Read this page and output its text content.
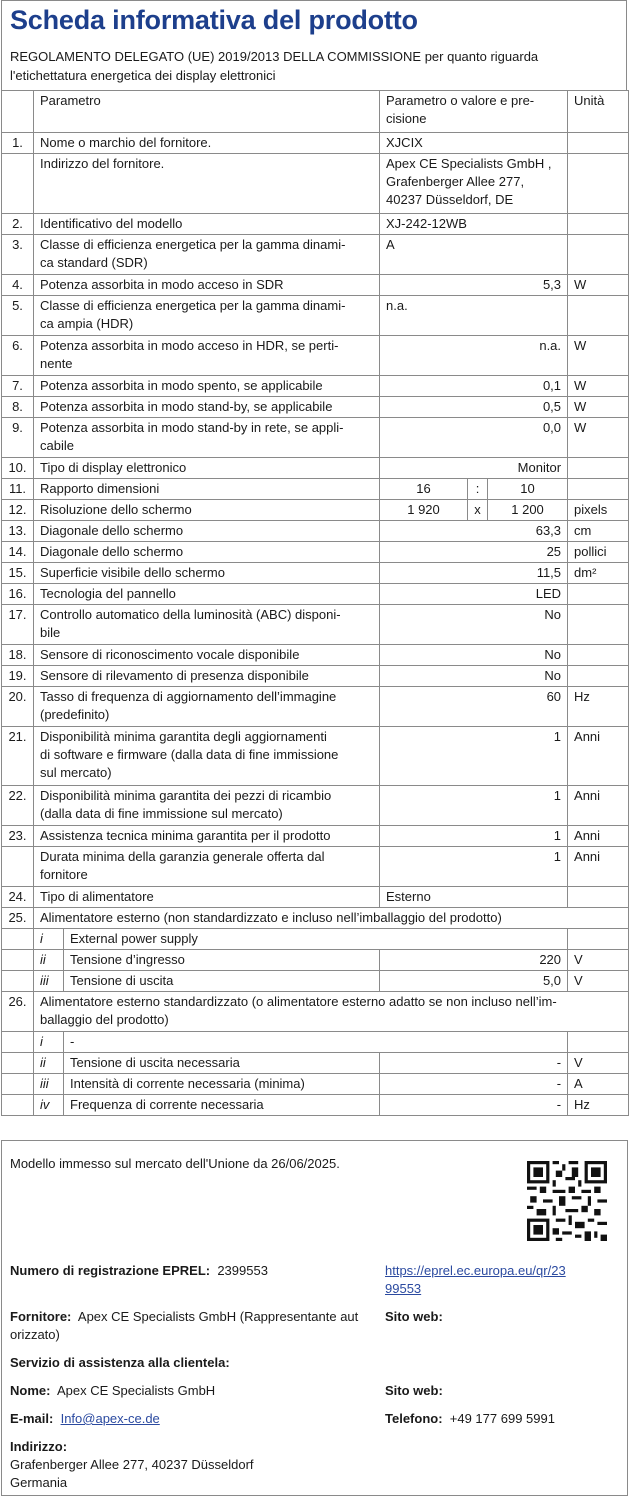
Scheda informativa del prodotto
REGOLAMENTO DELEGATO (UE) 2019/2013 DELLA COMMISSIONE per quanto riguarda l'etichettatura energetica dei display elettronici
	Parametro		Parametro o valore e pre-
cisione			Unità
1.	Nome o marchio del fornitore.		XJCIX			
	Indirizzo del fornitore.		Apex CE Specialists GmbH ,
Grafenberger Allee 277,
40237 Düsseldorf, DE			
2.	Identificativo del modello		XJ-242-12WB			
3.	Classe di efficienza energetica per la gamma dinami-
ca standard (SDR)		A			
4.	Potenza assorbita in modo acceso in SDR		5,3			W
5.	Classe di efficienza energetica per la gamma dinami-
ca ampia (HDR)		n.a.			
6.	Potenza assorbita in modo acceso in HDR, se perti-
nente		n.a.			W
7.	Potenza assorbita in modo spento, se applicabile		0,1			W
8.	Potenza assorbita in modo stand-by, se applicabile		0,5			W
9.	Potenza assorbita in modo stand-by in rete, se appli-
cabile		0,0			W
10.	Tipo di display elettronico		Monitor			
11.	Rapporto dimensioni		16	:	10	
12.	Risoluzione dello schermo		1 920	x	1 200	pixels
13.	Diagonale dello schermo		63,3			cm
14.	Diagonale dello schermo		25			pollici
15.	Superficie visibile dello schermo		11,5			dm²
16.	Tecnologia del pannello		LED			
17.	Controllo automatico della luminosità (ABC) disponi-
bile		No			
18.	Sensore di riconoscimento vocale disponibile		No			
19.	Sensore di rilevamento di presenza disponibile		No			
20.	Tasso di frequenza di aggiornamento dell’immagine
(predefinito)		60			Hz
21.	Disponibilità minima garantita degli aggiornamenti
di software e firmware (dalla data di fine immissione
sul mercato)		1			Anni
22.	Disponibilità minima garantita dei pezzi di ricambio
(dalla data di fine immissione sul mercato)		1			Anni
23.	Assistenza tecnica minima garantita per il prodotto		1			Anni
	Durata minima della garanzia generale offerta dal
fornitore		1			Anni
24.	Tipo di alimentatore		Esterno			
25.	Alimentatore esterno (non standardizzato e incluso nell’imballaggio del prodotto)					
	i	External power supply				
	ii	Tensione d’ingresso	220			V
	iii	Tensione di uscita	5,0			V
26.	Alimentatore esterno standardizzato (o alimentatore esterno adatto se non incluso nell’im-
ballaggio del prodotto)					
	i	-				
	ii	Tensione di uscita necessaria	-			V
	iii	Intensità di corrente necessaria (minima)	-			A
	iv	Frequenza di corrente necessaria	-			Hz
Modello immesso sul mercato dell'Unione da 26/06/2025.
Numero di registrazione EPREL: 2399553	https://eprel.ec.europa.eu/qr/23
99553
Fornitore: Apex CE Specialists GmbH (Rappresentante aut
orizzato)
Sito web:
Servizio di assistenza alla clientela:
Nome: Apex CE Specialists GmbH	Sito web:
E-mail: Info@apex-ce.de	Telefono: +49 177 699 5991
Indirizzo:
Grafenberger Allee 277, 40237 Düsseldorf
Germania
